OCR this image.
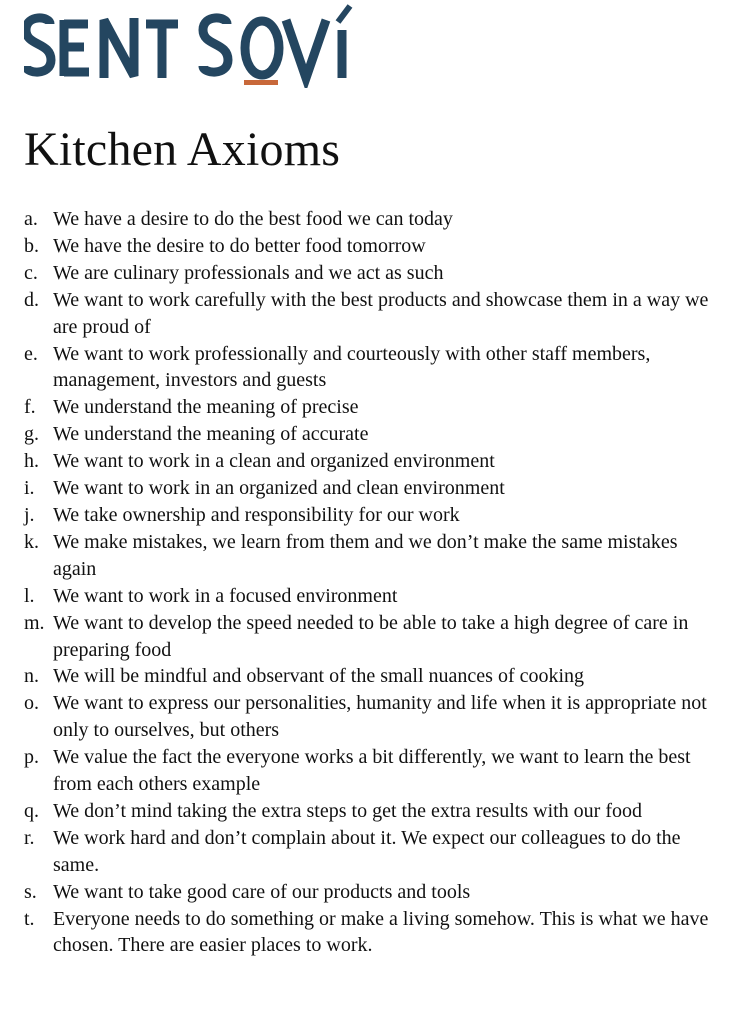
Kitchen Axioms
a. We have a desire to do the best food we can today
b. We have the desire to do better food tomorrow
c. We are culinary professionals and we act as such
d. We want to work carefully with the best products and showcase them in a way we are proud of
e. We want to work professionally and courteously with other staff members, management, investors and guests
f. We understand the meaning of precise
g. We understand the meaning of accurate
h. We want to work in a clean and organized environment
i. We want to work in an organized and clean environment
j. We take ownership and responsibility for our work
k. We make mistakes, we learn from them and we don’t make the same mistakes again
l. We want to work in a focused environment
m. We want to develop the speed needed to be able to take a high degree of care in preparing food
n. We will be mindful and observant of the small nuances of cooking
o. We want to express our personalities, humanity and life when it is appropriate not only to ourselves, but others
p. We value the fact the everyone works a bit differently, we want to learn the best from each others example
q. We don’t mind taking the extra steps to get the extra results with our food
r. We work hard and don’t complain about it. We expect our colleagues to do the same.
s. We want to take good care of our products and tools
t. Everyone needs to do something or make a living somehow. This is what we have chosen. There are easier places to work.
